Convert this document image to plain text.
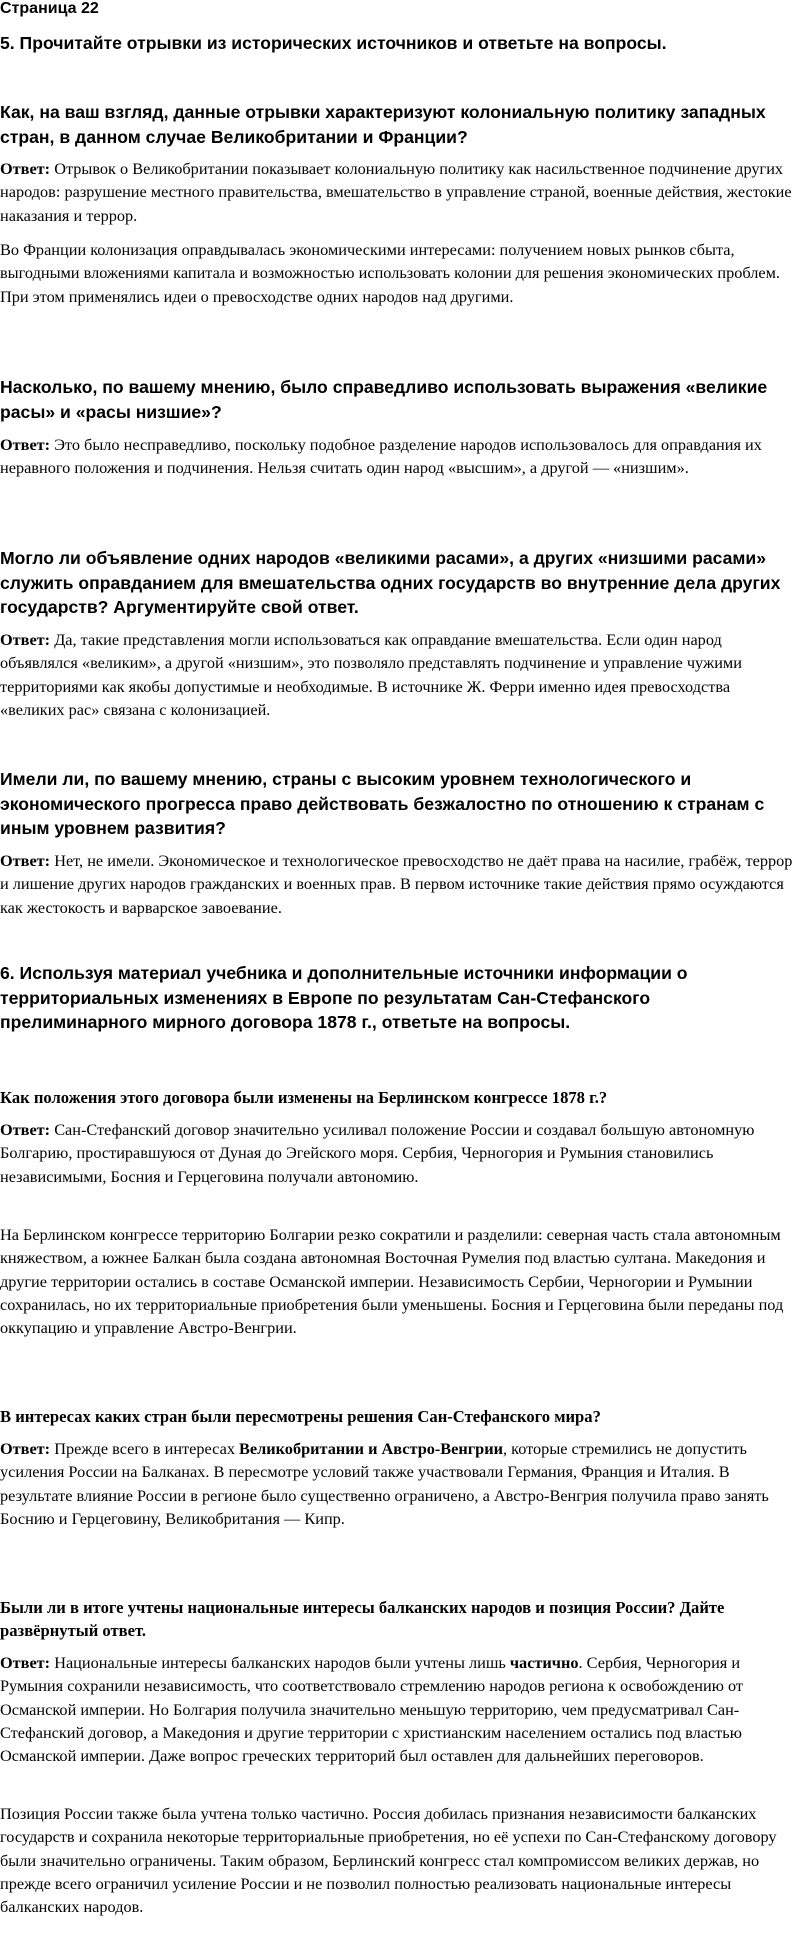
Страница 22

5. Прочитайте отрывки из исторических источников и ответьте на вопросы.

Как, на ваш взгляд, данные отрывки характеризуют колониальную политику западных стран, в данном случае Великобритании и Франции?

Ответ: Отрывок о Великобритании показывает колониальную политику как насильственное подчинение других народов: разрушение местного правительства, вмешательство в управление страной, военные действия, жестокие наказания и террор.

Во Франции колонизация оправдывалась экономическими интересами: получением новых рынков сбыта, выгодными вложениями капитала и возможностью использовать колонии для решения экономических проблем. При этом применялись идеи о превосходстве одних народов над другими.

Насколько, по вашему мнению, было справедливо использовать выражения «великие расы» и «расы низшие»?

Ответ: Это было несправедливо, поскольку подобное разделение народов использовалось для оправдания их неравного положения и подчинения. Нельзя считать один народ «высшим», а другой — «низшим».

Могло ли объявление одних народов «великими расами», а других «низшими расами» служить оправданием для вмешательства одних государств во внутренние дела других государств? Аргументируйте свой ответ.

Ответ: Да, такие представления могли использоваться как оправдание вмешательства. Если один народ объявлялся «великим», а другой «низшим», это позволяло представлять подчинение и управление чужими территориями как якобы допустимые и необходимые. В источнике Ж. Ферри именно идея превосходства «великих рас» связана с колонизацией.

Имели ли, по вашему мнению, страны с высоким уровнем технологического и экономического прогресса право действовать безжалостно по отношению к странам с иным уровнем развития?

Ответ: Нет, не имели. Экономическое и технологическое превосходство не даёт права на насилие, грабёж, террор и лишение других народов гражданских и военных прав. В первом источнике такие действия прямо осуждаются как жестокость и варварское завоевание.

6. Используя материал учебника и дополнительные источники информации о территориальных изменениях в Европе по результатам Сан-Стефанского прелиминарного мирного договора 1878 г., ответьте на вопросы.

Как положения этого договора были изменены на Берлинском конгрессе 1878 г.?

Ответ: Сан-Стефанский договор значительно усиливал положение России и создавал большую автономную Болгарию, простиравшуюся от Дуная до Эгейского моря. Сербия, Черногория и Румыния становились независимыми, Босния и Герцеговина получали автономию.

На Берлинском конгрессе территорию Болгарии резко сократили и разделили: северная часть стала автономным княжеством, а южнее Балкан была создана автономная Восточная Румелия под властью султана. Македония и другие территории остались в составе Османской империи. Независимость Сербии, Черногории и Румынии сохранилась, но их территориальные приобретения были уменьшены. Босния и Герцеговина были переданы под оккупацию и управление Австро-Венгрии.

В интересах каких стран были пересмотрены решения Сан-Стефанского мира?

Ответ: Прежде всего в интересах Великобритании и Австро-Венгрии, которые стремились не допустить усиления России на Балканах. В пересмотре условий также участвовали Германия, Франция и Италия. В результате влияние России в регионе было существенно ограничено, а Австро-Венгрия получила право занять Боснию и Герцеговину, Великобритания — Кипр.

Были ли в итоге учтены национальные интересы балканских народов и позиция России? Дайте развёрнутый ответ.

Ответ: Национальные интересы балканских народов были учтены лишь частично. Сербия, Черногория и Румыния сохранили независимость, что соответствовало стремлению народов региона к освобождению от Османской империи. Но Болгария получила значительно меньшую территорию, чем предусматривал Сан-Стефанский договор, а Македония и другие территории с христианским населением остались под властью Османской империи. Даже вопрос греческих территорий был оставлен для дальнейших переговоров.

Позиция России также была учтена только частично. Россия добилась признания независимости балканских государств и сохранила некоторые территориальные приобретения, но её успехи по Сан-Стефанскому договору были значительно ограничены. Таким образом, Берлинский конгресс стал компромиссом великих держав, но прежде всего ограничил усиление России и не позволил полностью реализовать национальные интересы балканских народов.
